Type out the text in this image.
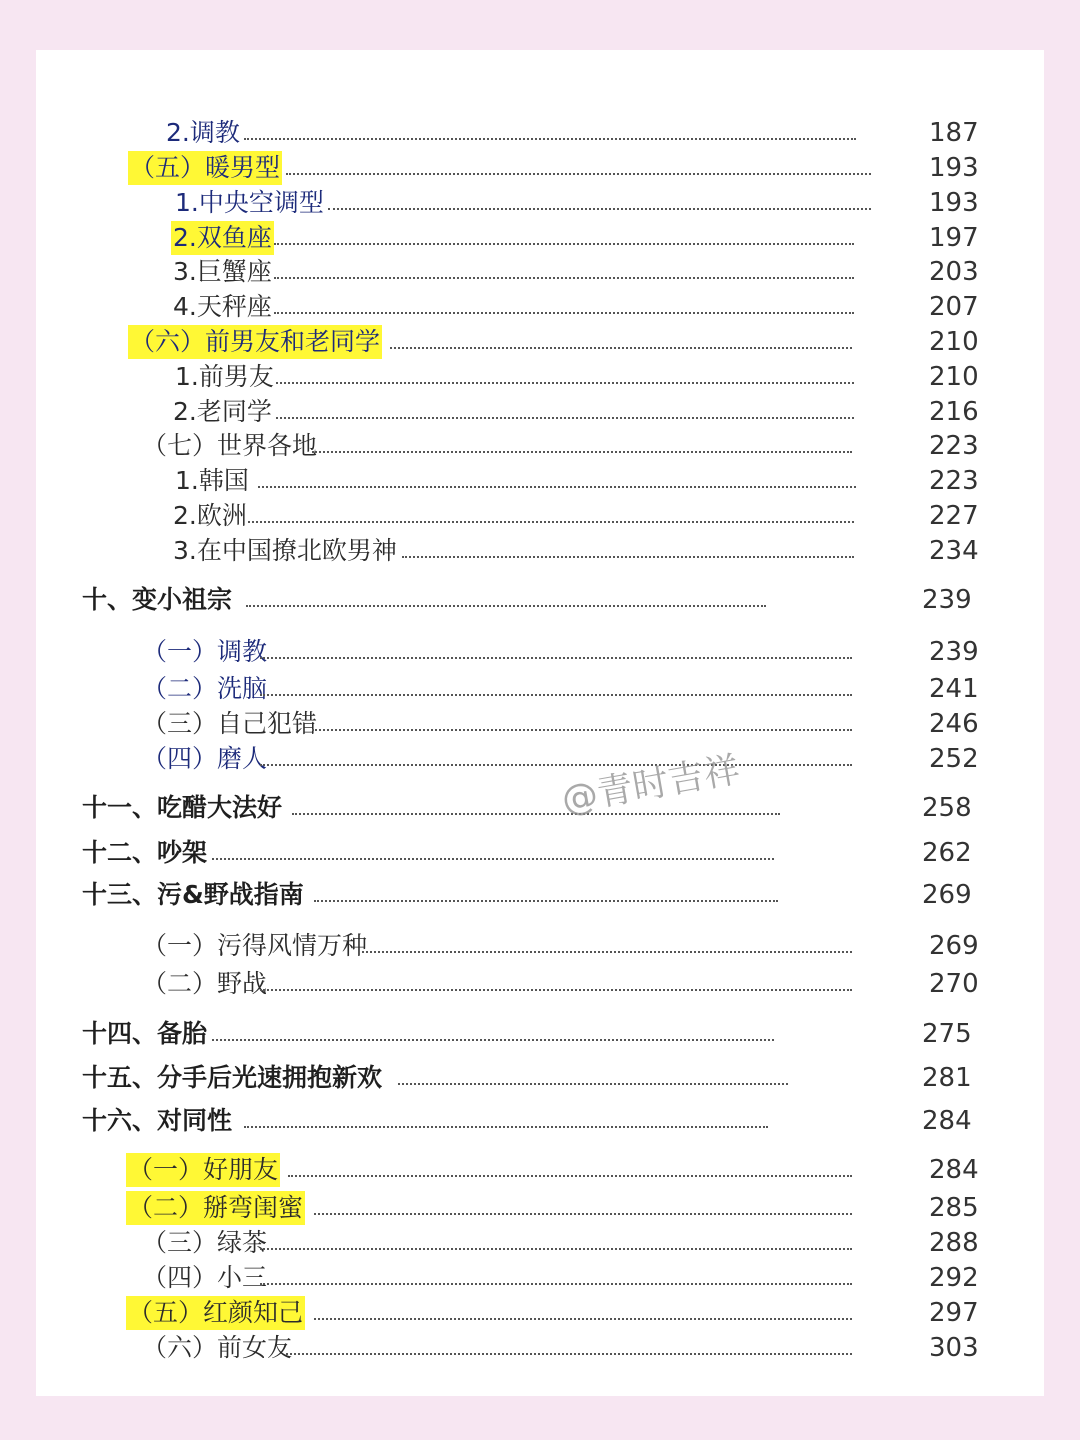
2.调教	187
（五）暖男型	193
1.中央空调型	193
2.双鱼座	197
3.巨蟹座	203
4.天秤座	207
（六）前男友和老同学	210
1.前男友	210
2.老同学	216
（七）世界各地	223
1.韩国	223
2.欧洲	227
3.在中国撩北欧男神	234
十、变小祖宗	239
（一）调教	239
（二）洗脑	241
（三）自己犯错	246
（四）磨人	252
十一、吃醋大法好	258
十二、吵架	262
十三、污&野战指南	269
（一）污得风情万种	269
（二）野战	270
十四、备胎	275
十五、分手后光速拥抱新欢	281
十六、对同性	284
（一）好朋友	284
（二）掰弯闺蜜	285
（三）绿茶	288
（四）小三	292
（五）红颜知己	297
（六）前女友	303
@青时吉祥
